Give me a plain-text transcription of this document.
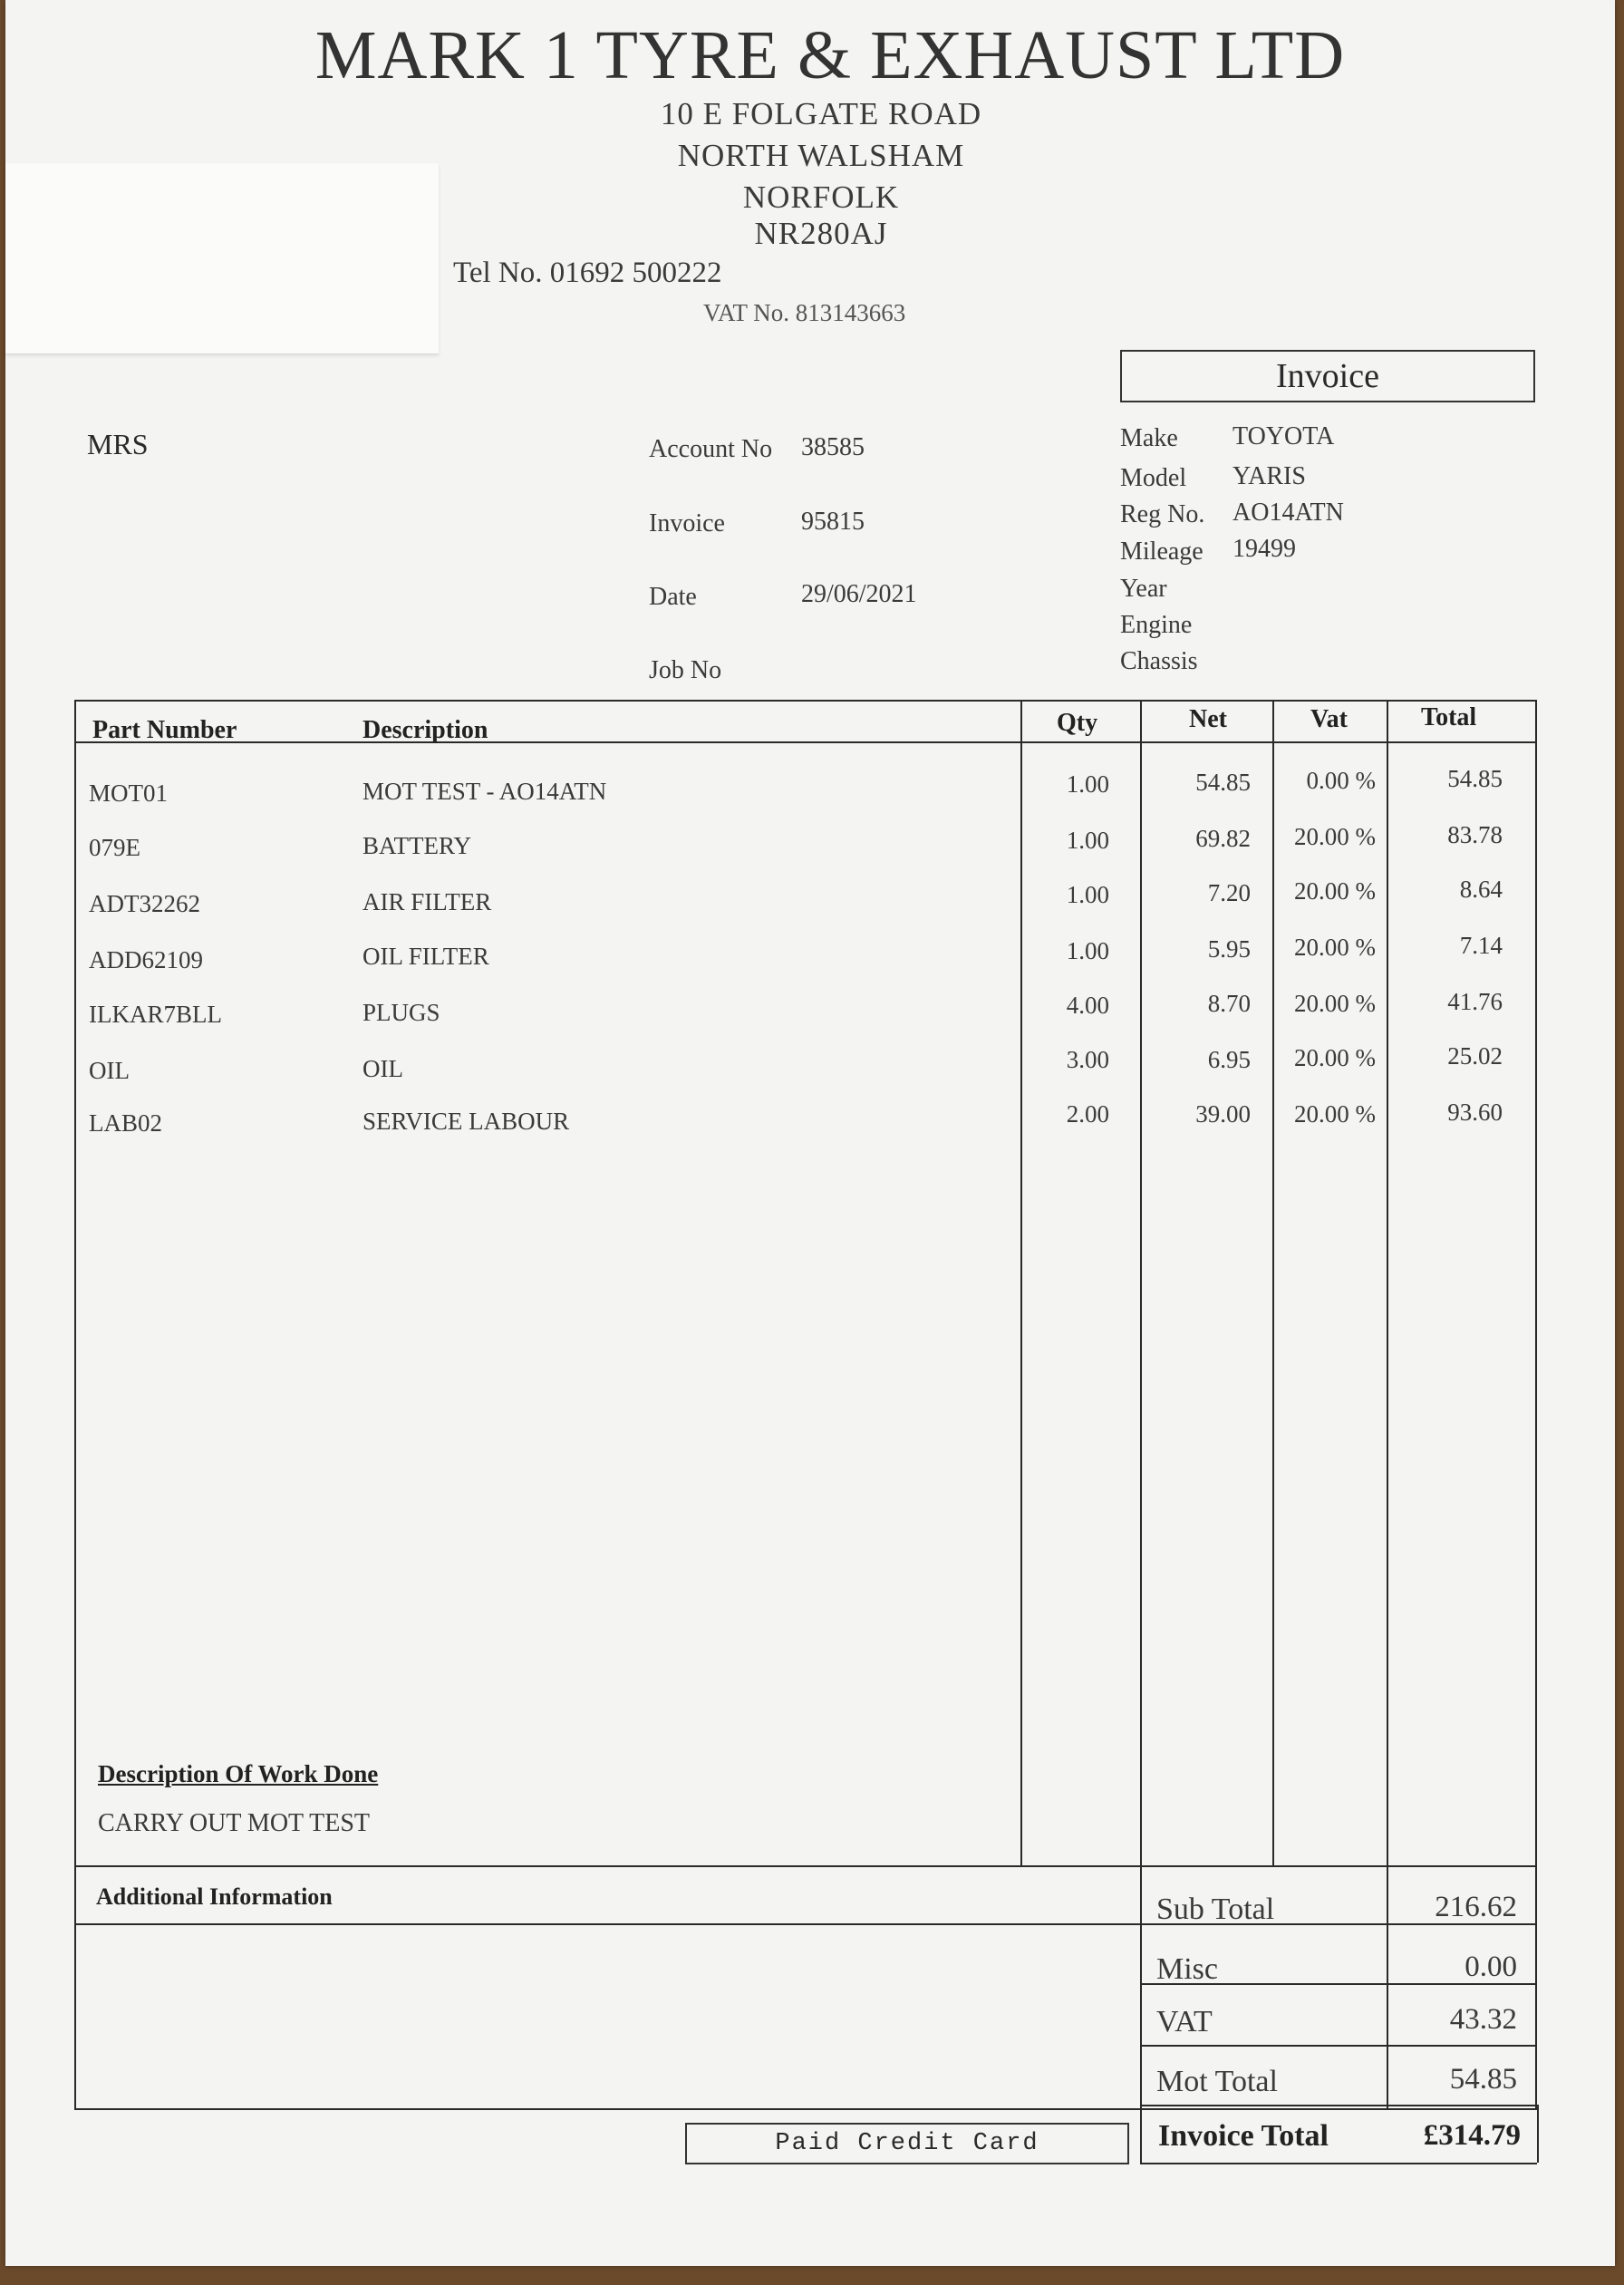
MARK 1 TYRE & EXHAUST LTD
10 E FOLGATE ROAD
NORTH WALSHAM
NORFOLK
NR280AJ
Tel No. 01692 500222
VAT No. 813143663
Invoice
MRS	Account No 38585
Invoice	95815
Date	29/06/2021
Job No
Make TOYOTA
Model YARIS
Reg No. AO14ATN
Mileage 19499
Year
Engine
Chassis
Part Number	Description	Qty	Net	Vat	Total
MOT01	MOT TEST - AO14ATN	1.00	54.85	0.00 %	54.85
079E	BATTERY	1.00	69.82	20.00 %	83.78
ADT32262	AIR FILTER	1.00	7.20	20.00 %	8.64
ADD62109	OIL FILTER	1.00	5.95	20.00 %	7.14
ILKAR7BLL	PLUGS	4.00	8.70	20.00 %	41.76
OIL	OIL	3.00	6.95	20.00 %	25.02
LAB02	SERVICE LABOUR	2.00	39.00	20.00 %	93.60
Description Of Work Done
CARRY OUT MOT TEST
Additional Information	Sub Total	216.62
Misc	0.00
VAT	43.32
Mot Total	54.85
Invoice Total	£314.79
Paid Credit Card
